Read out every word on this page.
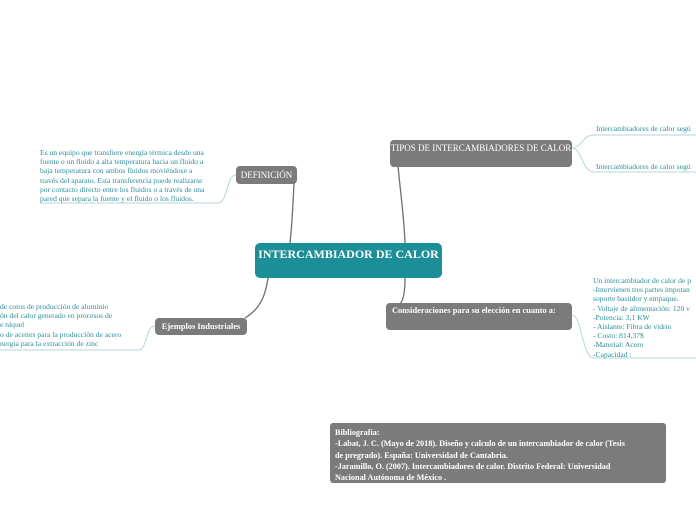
INTERCAMBIADOR DE CALOR
DEFINICIÓN
Es un equipo que transfiere energía térmica desde una
fuente o un fluido a alta temperatura hacia un fluido a
baja temperatura con ambos fluidos moviéndose a
través del aparato. Esta transferencia puede realizarse
por contacto directo entre los fluidos o a través de una
pared que separa la fuente y el fluido o los fluidos.
TIPOS DE INTERCAMBIADORES DE CALOR
Intercambiadores de calor segú
Intercambiadores de calor segú
Ejemplos Industriales
de cotos de producción de aluminio
ón del calor generado en procesos de
e níquel
o de aceites para la producción de acero
nergía para la extracción de zinc
Consideraciones para su elección en cuanto a:
Un intercambiador de calor de p
-Intervienen tres partes impotan
soporte bastidor y empaque.
- Voltaje de alimentación: 120 v
-Potencia: 3,1 KW
- Aislante: Fibra de vidrio
- Costo: 814,37$
-Material: Acero
-Capacidad :
Bibliografía:
-Labat, J. C. (Mayo de 2018). Diseño y calculo de un intercambiador de calor (Tesis
de pregrado). España: Universidad de Cantabria.
-Jaramillo, O. (2007). Intercambiadores de calor. Distrito Federal: Universidad
Nacional Autónoma de México .
